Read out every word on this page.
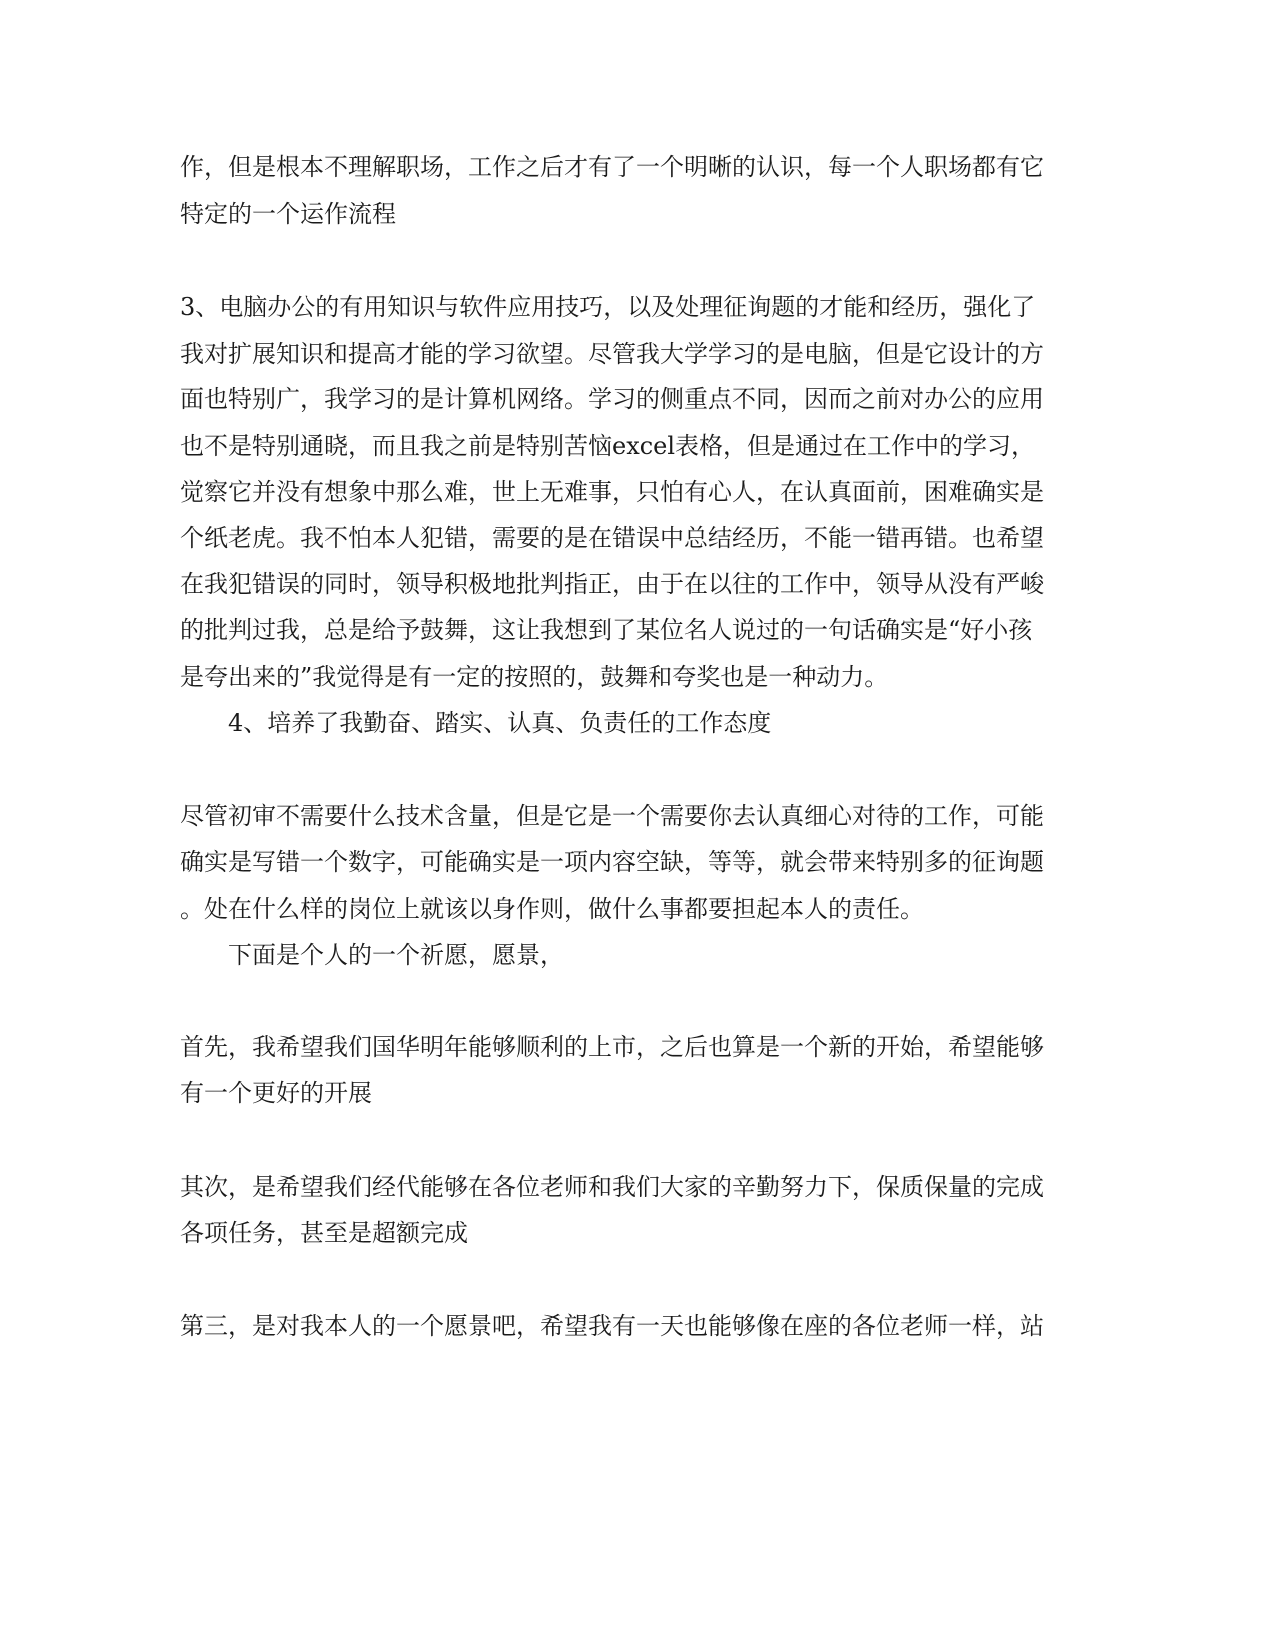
作，但是根本不理解职场，工作之后才有了一个明晰的认识，每一个人职场都有它
特定的一个运作流程
3、电脑办公的有用知识与软件应用技巧，以及处理征询题的才能和经历，强化了
我对扩展知识和提高才能的学习欲望。尽管我大学学习的是电脑，但是它设计的方
面也特别广，我学习的是计算机网络。学习的侧重点不同，因而之前对办公的应用
也不是特别通晓，而且我之前是特别苦恼excel表格，但是通过在工作中的学习，
觉察它并没有想象中那么难，世上无难事，只怕有心人，在认真面前，困难确实是
个纸老虎。我不怕本人犯错，需要的是在错误中总结经历，不能一错再错。也希望
在我犯错误的同时，领导积极地批判指正，由于在以往的工作中，领导从没有严峻
的批判过我，总是给予鼓舞，这让我想到了某位名人说过的一句话确实是“好小孩
是夸出来的”我觉得是有一定的按照的，鼓舞和夸奖也是一种动力。
4、培养了我勤奋、踏实、认真、负责任的工作态度
尽管初审不需要什么技术含量，但是它是一个需要你去认真细心对待的工作，可能
确实是写错一个数字，可能确实是一项内容空缺，等等，就会带来特别多的征询题
。处在什么样的岗位上就该以身作则，做什么事都要担起本人的责任。
下面是个人的一个祈愿，愿景，
首先，我希望我们国华明年能够顺利的上市，之后也算是一个新的开始，希望能够
有一个更好的开展
其次，是希望我们经代能够在各位老师和我们大家的辛勤努力下，保质保量的完成
各项任务，甚至是超额完成
第三，是对我本人的一个愿景吧，希望我有一天也能够像在座的各位老师一样，站
